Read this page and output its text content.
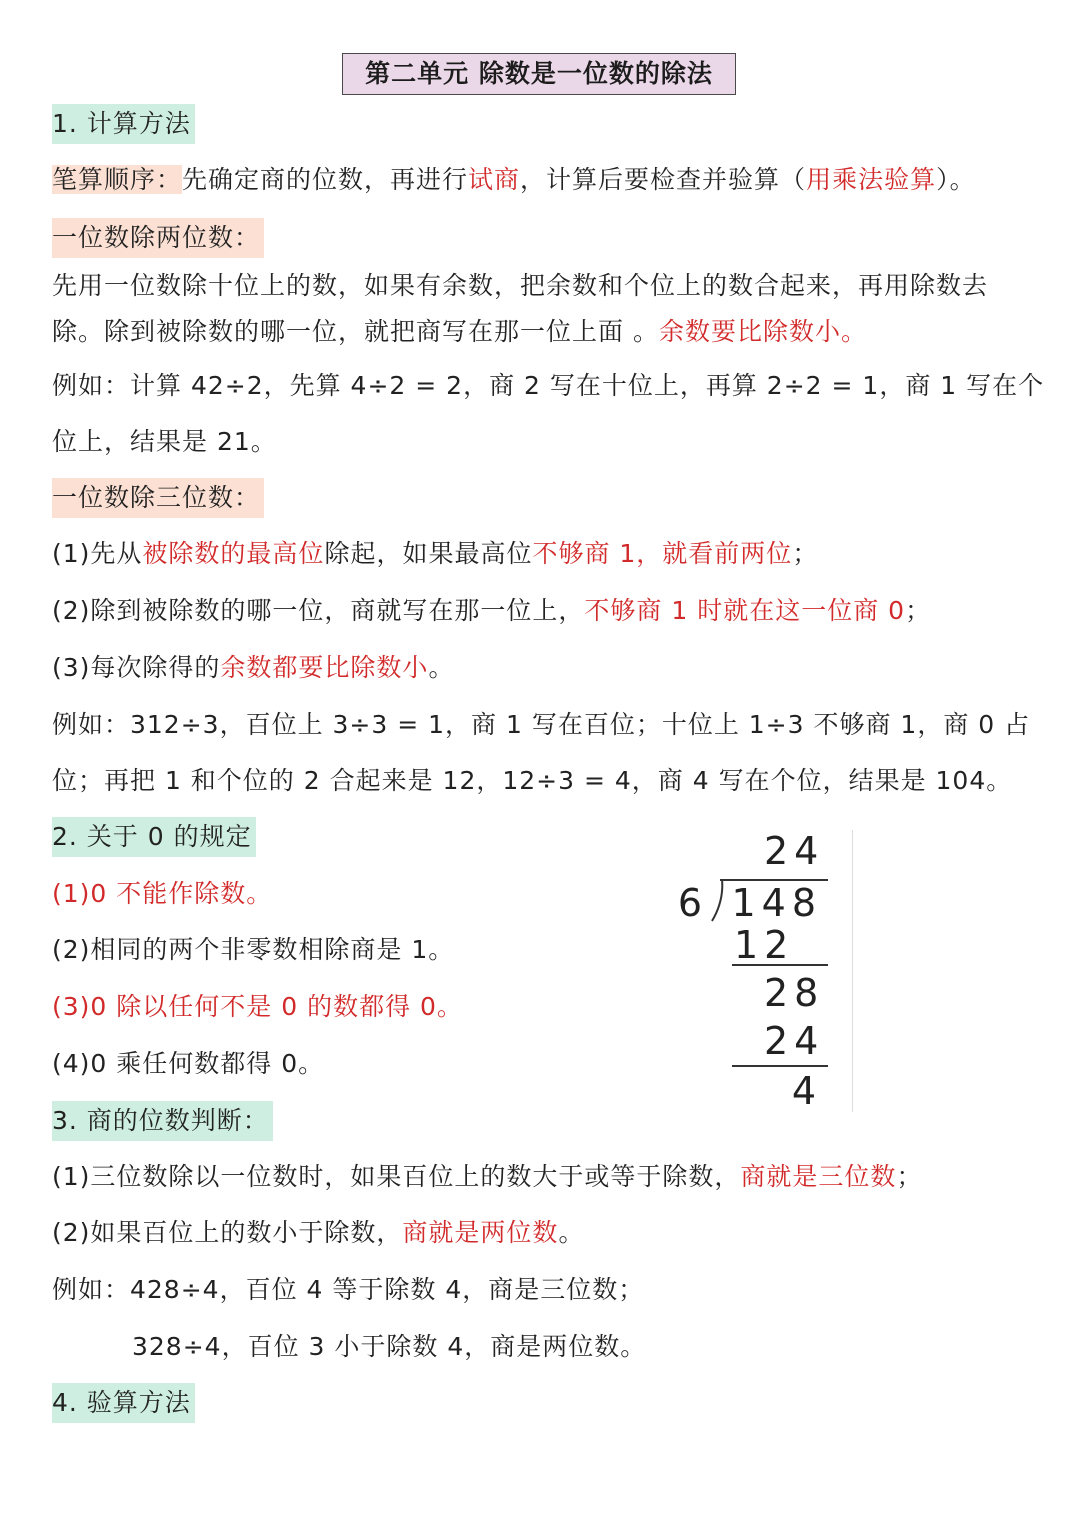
第二单元 除数是一位数的除法
1. 计算方法
笔算顺序：先确定商的位数，再进行试商，计算后要检查并验算（用乘法验算）。
一位数除两位数：
先用一位数除十位上的数，如果有余数，把余数和个位上的数合起来，再用除数去
除。除到被除数的哪一位，就把商写在那一位上面 。余数要比除数小。
例如：计算 42÷2，先算 4÷2 = 2，商 2 写在十位上，再算 2÷2 = 1，商 1 写在个
位上，结果是 21。
一位数除三位数：
(1)先从被除数的最高位除起，如果最高位不够商 1，就看前两位；
(2)除到被除数的哪一位，商就写在那一位上，不够商 1 时就在这一位商 0；
(3)每次除得的余数都要比除数小。
例如：312÷3，百位上 3÷3 = 1，商 1 写在百位；十位上 1÷3 不够商 1，商 0 占
位；再把 1 和个位的 2 合起来是 12，12÷3 = 4，商 4 写在个位，结果是 104。
2. 关于 0 的规定
(1)0 不能作除数。
(2)相同的两个非零数相除商是 1。
(3)0 除以任何不是 0 的数都得 0。
(4)0 乘任何数都得 0。
24
6 148
12
28
24
4
3. 商的位数判断：
(1)三位数除以一位数时，如果百位上的数大于或等于除数，商就是三位数；
(2)如果百位上的数小于除数，商就是两位数。
例如：428÷4，百位 4 等于除数 4，商是三位数；
328÷4，百位 3 小于除数 4，商是两位数。
4. 验算方法
